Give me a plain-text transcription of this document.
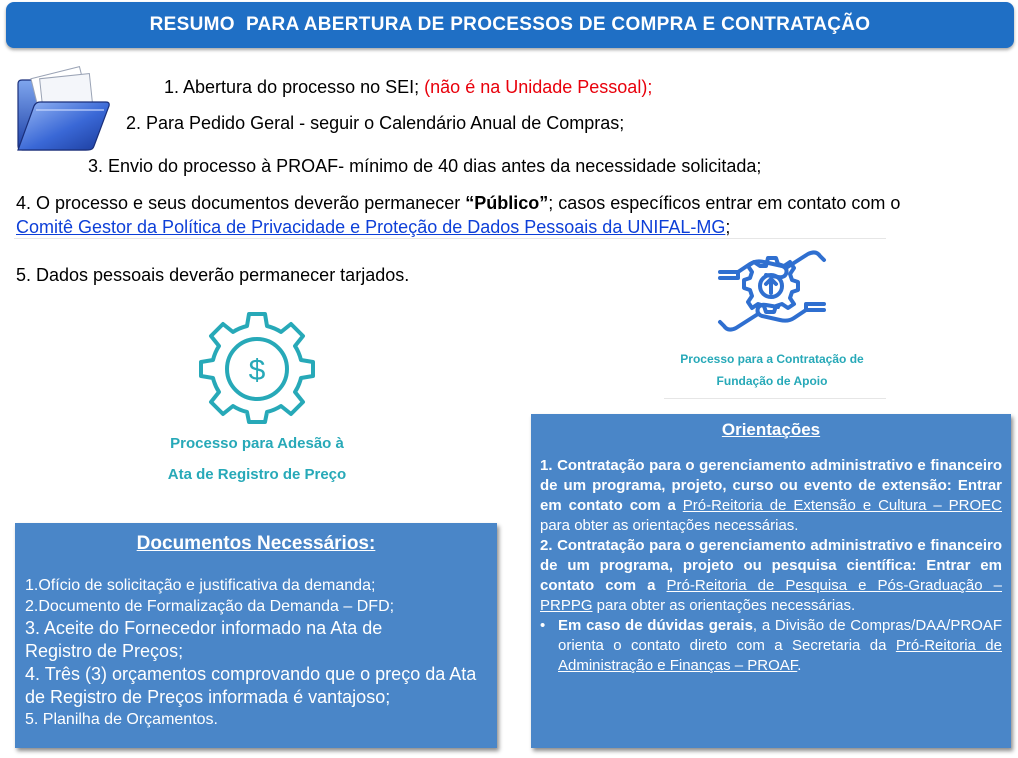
RESUMO  PARA ABERTURA DE PROCESSOS DE COMPRA E CONTRATAÇÃO
1. Abertura do processo no SEI; (não é na Unidade Pessoal);
2. Para Pedido Geral - seguir o Calendário Anual de Compras;
3. Envio do processo à PROAF- mínimo de 40 dias antes da necessidade solicitada;
4. O processo e seus documentos deverão permanecer “Público”; casos específicos entrar em contato com o
Comitê Gestor da Política de Privacidade e Proteção de Dados Pessoais da UNIFAL-MG;
5. Dados pessoais deverão permanecer tarjados.
$
Processo para Adesão à
Ata de Registro de Preço
Processo para a Contratação de
Fundação de Apoio
Documentos Necessários:
1.Ofício de solicitação e justificativa da demanda;
2.Documento de Formalização da Demanda – DFD;
3. Aceite do Fornecedor informado na Ata de Registro de Preços;
4. Três (3) orçamentos comprovando que o preço da Ata de Registro de Preços informada é vantajoso;
5. Planilha de Orçamentos.
Orientações

1. Contratação para o gerenciamento administrativo e financeiro de um programa, projeto, curso ou evento de extensão: Entrar em contato com a Pró-Reitoria de Extensão e Cultura – PROEC para obter as orientações necessárias.

2. Contratação para o gerenciamento administrativo e financeiro de um programa, projeto ou pesquisa científica: Entrar em contato com a Pró-Reitoria de Pesquisa e Pós-Graduação – PRPPG para obter as orientações necessárias.

• Em caso de dúvidas gerais, a Divisão de Compras/DAA/PROAF orienta o contato direto com a Secretaria da Pró-Reitoria de Administração e Finanças – PROAF.
